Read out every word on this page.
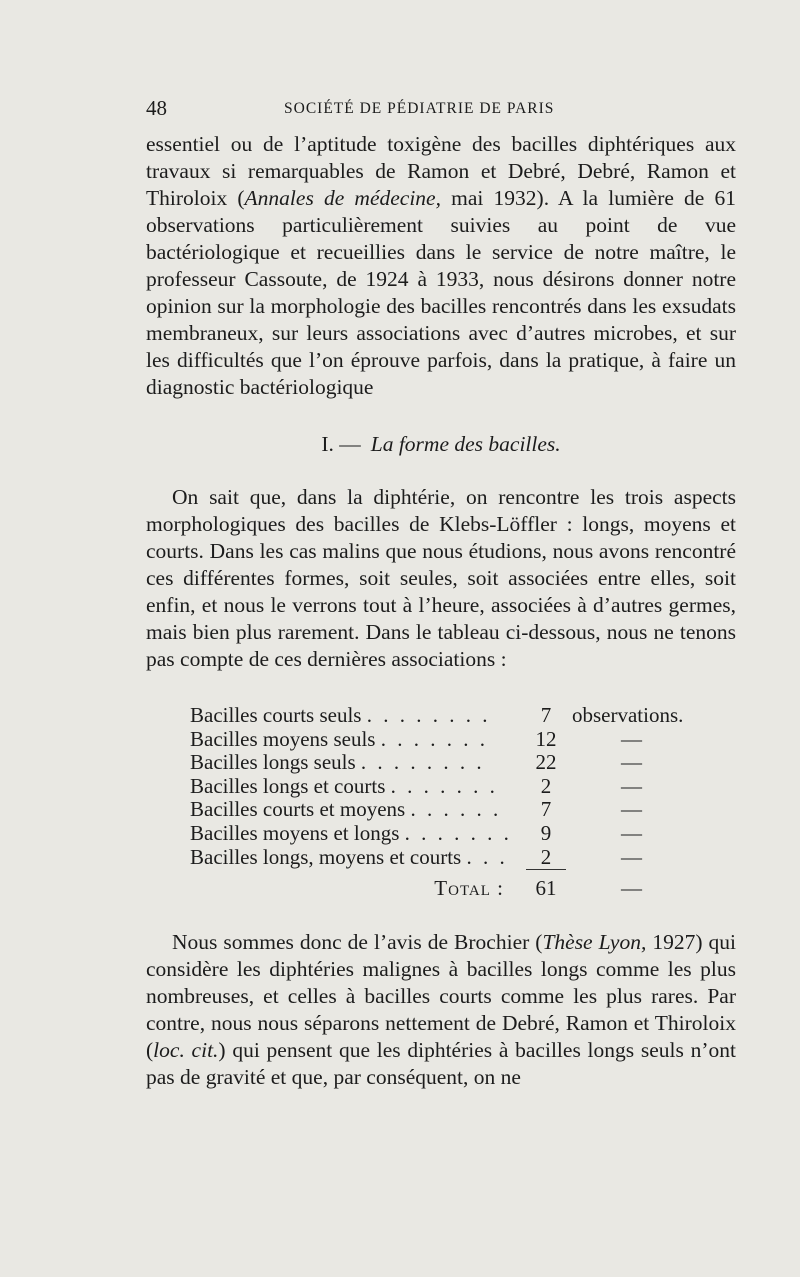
48	SOCIÉTÉ DE PÉDIATRIE DE PARIS

essentiel ou de l’aptitude toxigène des bacilles diphtériques aux travaux si remarquables de Ramon et Debré, Debré, Ramon et Thiroloix (Annales de médecine, mai 1932). A la lumière de 61 observations particulièrement suivies au point de vue bactériologique et recueillies dans le service de notre maître, le professeur Cassoute, de 1924 à 1933, nous désirons donner notre opinion sur la morphologie des bacilles rencontrés dans les exsudats membraneux, sur leurs associations avec d’autres microbes, et sur les difficultés que l’on éprouve parfois, dans la pratique, à faire un diagnostic bactériologique

I. — La forme des bacilles.

On sait que, dans la diphtérie, on rencontre les trois aspects morphologiques des bacilles de Klebs-Löffler : longs, moyens et courts. Dans les cas malins que nous étudions, nous avons rencontré ces différentes formes, soit seules, soit associées entre elles, soit enfin, et nous le verrons tout à l’heure, associées à d’autres germes, mais bien plus rarement. Dans le tableau ci-dessous, nous ne tenons pas compte de ces dernières associations :

Bacilles courts seuls . . . . . . . .	7	observations.
Bacilles moyens seuls . . . . . . .	12	—
Bacilles longs seuls . . . . . . . .	22	—
Bacilles longs et courts . . . . . . .	2	—
Bacilles courts et moyens . . . . . .	7	—
Bacilles moyens et longs . . . . . . .	9	—
Bacilles longs, moyens et courts . . .	2	—

Total :	61	—

Nous sommes donc de l’avis de Brochier (Thèse Lyon, 1927) qui considère les diphtéries malignes à bacilles longs comme les plus nombreuses, et celles à bacilles courts comme les plus rares. Par contre, nous nous séparons nettement de Debré, Ramon et Thiroloix (loc. cit.) qui pensent que les diphtéries à bacilles longs seuls n’ont pas de gravité et que, par conséquent, on ne
